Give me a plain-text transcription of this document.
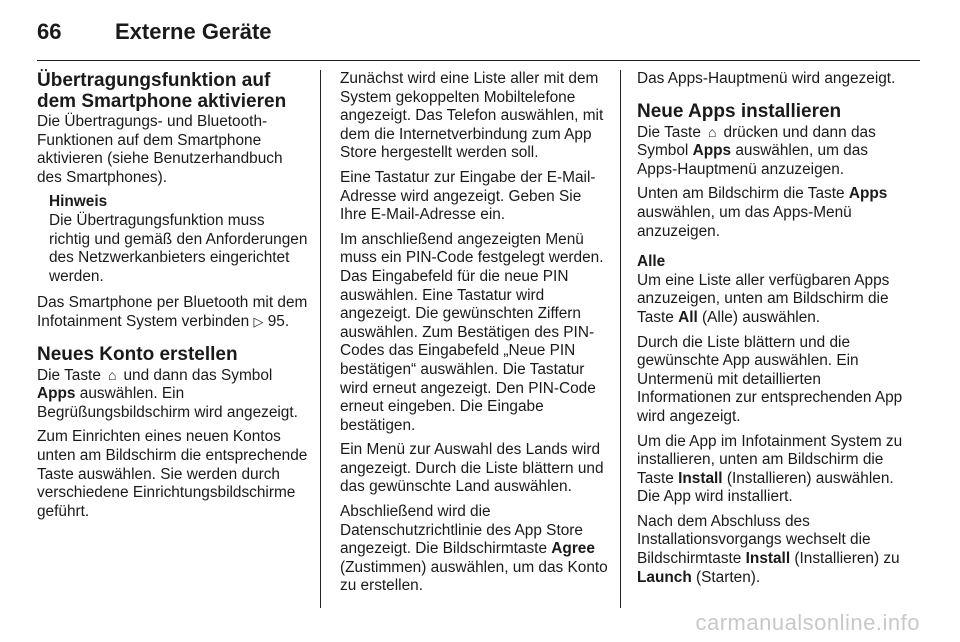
66	Externe Geräte
Übertragungsfunktion auf dem Smartphone aktivieren

Die Übertragungs- und Bluetooth-Funktionen auf dem Smartphone aktivieren (siehe Benutzerhandbuch des Smartphones).

Hinweis
Die Übertragungsfunktion muss richtig und gemäß den Anforderungen des Netzwerkanbieters eingerichtet werden.

Das Smartphone per Bluetooth mit dem Infotainment System verbinden ▷ 95.

Neues Konto erstellen

Die Taste ⌂ und dann das Symbol Apps auswählen. Ein Begrüßungsbildschirm wird angezeigt.

Zum Einrichten eines neuen Kontos unten am Bildschirm die entsprechende Taste auswählen. Sie werden durch verschiedene Einrichtungsbildschirme geführt.

Zunächst wird eine Liste aller mit dem System gekoppelten Mobiltelefone angezeigt. Das Telefon auswählen, mit dem die Internetverbindung zum App Store hergestellt werden soll.

Eine Tastatur zur Eingabe der E-Mail-Adresse wird angezeigt. Geben Sie Ihre E-Mail-Adresse ein.

Im anschließend angezeigten Menü muss ein PIN-Code festgelegt werden. Das Eingabefeld für die neue PIN auswählen. Eine Tastatur wird angezeigt. Die gewünschten Ziffern auswählen. Zum Bestätigen des PIN-Codes das Eingabefeld „Neue PIN bestätigen“ auswählen. Die Tastatur wird erneut angezeigt. Den PIN-Code erneut eingeben. Die Eingabe bestätigen.

Ein Menü zur Auswahl des Lands wird angezeigt. Durch die Liste blättern und das gewünschte Land auswählen.

Abschließend wird die Datenschutzrichtlinie des App Store angezeigt. Die Bildschirmtaste Agree (Zustimmen) auswählen, um das Konto zu erstellen.

Das Apps-Hauptmenü wird angezeigt.

Neue Apps installieren

Die Taste ⌂ drücken und dann das Symbol Apps auswählen, um das Apps-Hauptmenü anzuzeigen.

Unten am Bildschirm die Taste Apps auswählen, um das Apps-Menü anzuzeigen.

Alle

Um eine Liste aller verfügbaren Apps anzuzeigen, unten am Bildschirm die Taste All (Alle) auswählen.

Durch die Liste blättern und die gewünschte App auswählen. Ein Untermenü mit detaillierten Informationen zur entsprechenden App wird angezeigt.

Um die App im Infotainment System zu installieren, unten am Bildschirm die Taste Install (Installieren) auswählen. Die App wird installiert.

Nach dem Abschluss des Installationsvorgangs wechselt die Bildschirmtaste Install (Installieren) zu Launch (Starten).

carmanualsonline.info
